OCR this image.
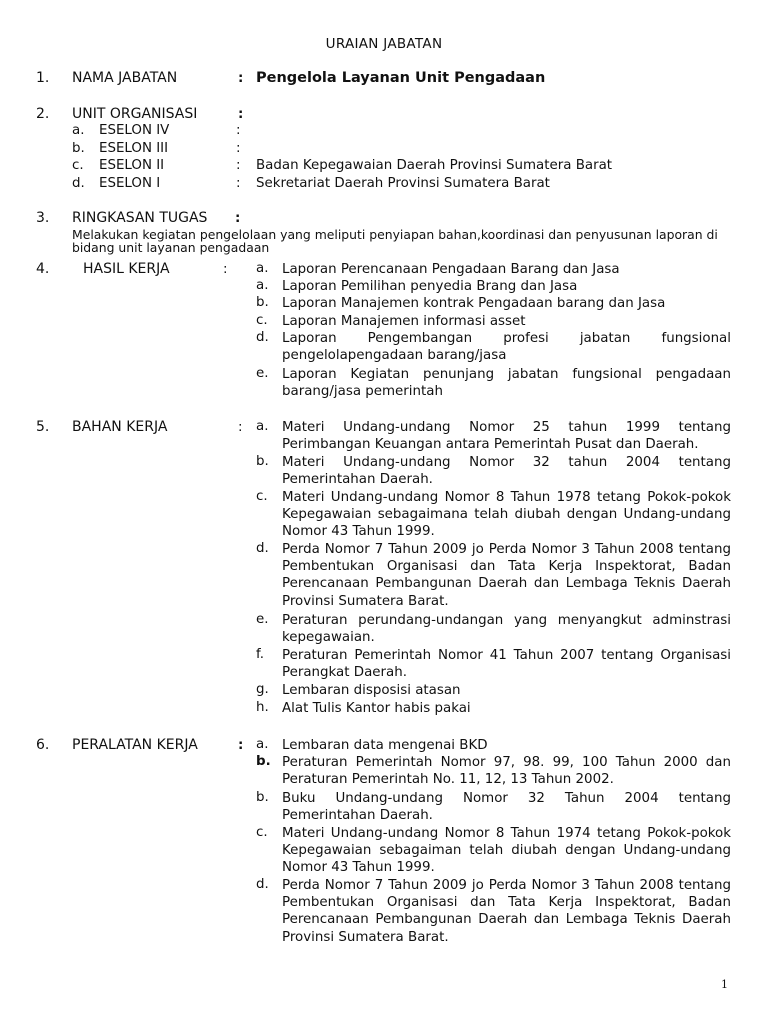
URAIAN JABATAN
1. NAMA JABATAN	: Pengelola Layanan Unit Pengadaan
2. UNIT ORGANISASI	:
a. ESELON IV	:
b. ESELON III	:
c. ESELON II	: Badan Kepegawaian Daerah Provinsi Sumatera Barat
d. ESELON I	: Sekretariat Daerah Provinsi Sumatera Barat
3. RINGKASAN TUGAS :
Melakukan kegiatan pengelolaan yang meliputi penyiapan bahan,koordinasi dan penyusunan laporan di
bidang unit layanan pengadaan
4. HASIL KERJA	: a.	Laporan Perencanaan Pengadaan Barang dan Jasa
a.	Laporan Pemilihan penyedia Brang dan Jasa
b. Laporan Manajemen kontrak Pengadaan barang dan Jasa
c.	Laporan Manajemen informasi asset
d. Laporan Pengembangan profesi jabatan fungsional pengelolapengadaan barang/jasa
e.	Laporan Kegiatan penunjang jabatan fungsional pengadaan barang/jasa pemerintah
5. BAHAN KERJA	: a.	Materi Undang-undang Nomor 25 tahun 1999 tentang Perimbangan Keuangan antara Pemerintah Pusat dan Daerah.
b. Materi Undang-undang Nomor 32 tahun 2004 tentang Pemerintahan Daerah.
c.	Materi Undang-undang Nomor 8 Tahun 1978 tetang Pokok-pokok Kepegawaian sebagaimana telah diubah dengan Undang-undang Nomor 43 Tahun 1999.
d. Perda Nomor 7 Tahun 2009 jo Perda Nomor 3 Tahun 2008 tentang Pembentukan Organisasi dan Tata Kerja Inspektorat, Badan Perencanaan Pembangunan Daerah dan Lembaga Teknis Daerah Provinsi Sumatera Barat.
e.	Peraturan perundang-undangan yang menyangkut adminstrasi kepegawaian.
f.	Peraturan Pemerintah Nomor 41 Tahun 2007 tentang Organisasi Perangkat Daerah.
g. Lembaran disposisi atasan
h. Alat Tulis Kantor habis pakai
6. PERALATAN KERJA	: a.	Lembaran data mengenai BKD
b. Peraturan Pemerintah Nomor 97, 98. 99, 100 Tahun 2000 dan Peraturan Pemerintah No. 11, 12, 13 Tahun 2002.
b. Buku Undang-undang Nomor 32 Tahun 2004 tentang Pemerintahan Daerah.
c.	Materi Undang-undang Nomor 8 Tahun 1974 tetang Pokok-pokok Kepegawaian sebagaiman telah diubah dengan Undang-undang Nomor 43 Tahun 1999.
d. Perda Nomor 7 Tahun 2009 jo Perda Nomor 3 Tahun 2008 tentang Pembentukan Organisasi dan Tata Kerja Inspektorat, Badan Perencanaan Pembangunan Daerah dan Lembaga Teknis Daerah Provinsi Sumatera Barat.
1
